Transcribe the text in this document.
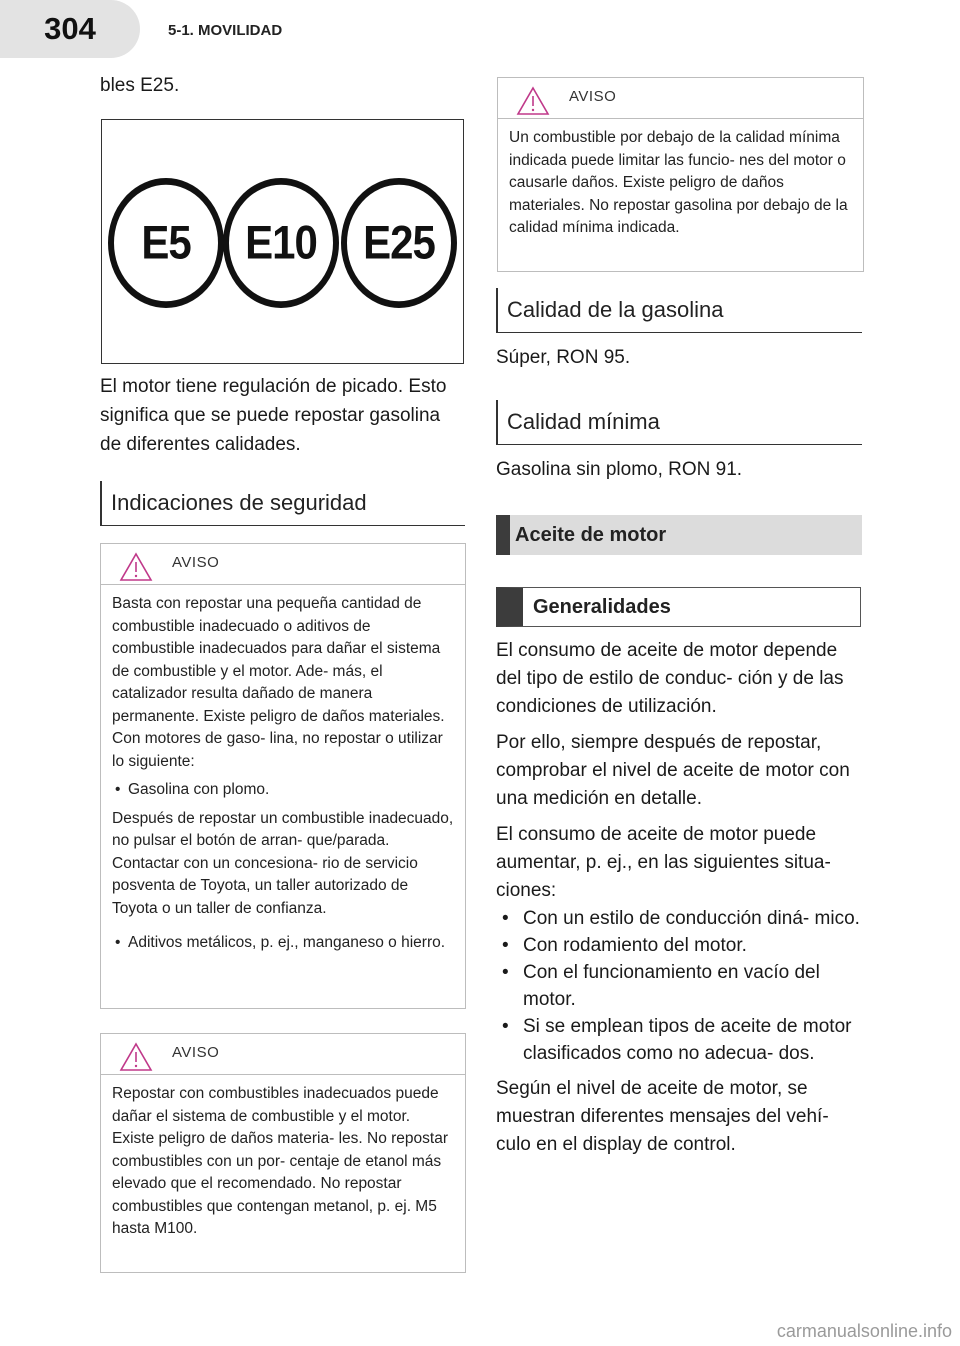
304	5-1. MOVILIDAD

bles E25.

E5	E10	E25

El motor tiene regulación de picado. Esto significa que se puede repostar gasolina de diferentes calidades.

Indicaciones de seguridad
AVISO

Basta con repostar una pequeña cantidad de combustible inadecuado o aditivos de combustible inadecuados para dañar el sistema de combustible y el motor. Ade- más, el catalizador resulta dañado de manera permanente. Existe peligro de daños materiales. Con motores de gaso- lina, no repostar o utilizar lo siguiente:

• Gasolina con plomo.

Después de repostar un combustible inadecuado, no pulsar el botón de arran- que/parada. Contactar con un concesiona- rio de servicio posventa de Toyota, un taller autorizado de Toyota o un taller de confianza.

• Aditivos metálicos, p. ej., manganeso o hierro.

AVISO

Repostar con combustibles inadecuados puede dañar el sistema de combustible y el motor. Existe peligro de daños materia- les. No repostar combustibles con un por- centaje de etanol más elevado que el recomendado. No repostar combustibles que contengan metanol, p. ej. M5 hasta M100.

AVISO

Un combustible por debajo de la calidad mínima indicada puede limitar las funcio- nes del motor o causarle daños. Existe peligro de daños materiales. No repostar gasolina por debajo de la calidad mínima indicada.

Calidad de la gasolina

Súper, RON 95.

Calidad mínima

Gasolina sin plomo, RON 91.

Aceite de motor
Generalidades

El consumo de aceite de motor depende del tipo de estilo de conduc- ción y de las condiciones de utilización.

Por ello, siempre después de repostar, comprobar el nivel de aceite de motor con una medición en detalle.

El consumo de aceite de motor puede aumentar, p. ej., en las siguientes situa- ciones:

• Con un estilo de conducción diná- mico.

• Con rodamiento del motor.

• Con el funcionamiento en vacío del motor.

• Si se emplean tipos de aceite de motor clasificados como no adecua- dos.

Según el nivel de aceite de motor, se muestran diferentes mensajes del vehí- culo en el display de control.

carmanualsonline.info
